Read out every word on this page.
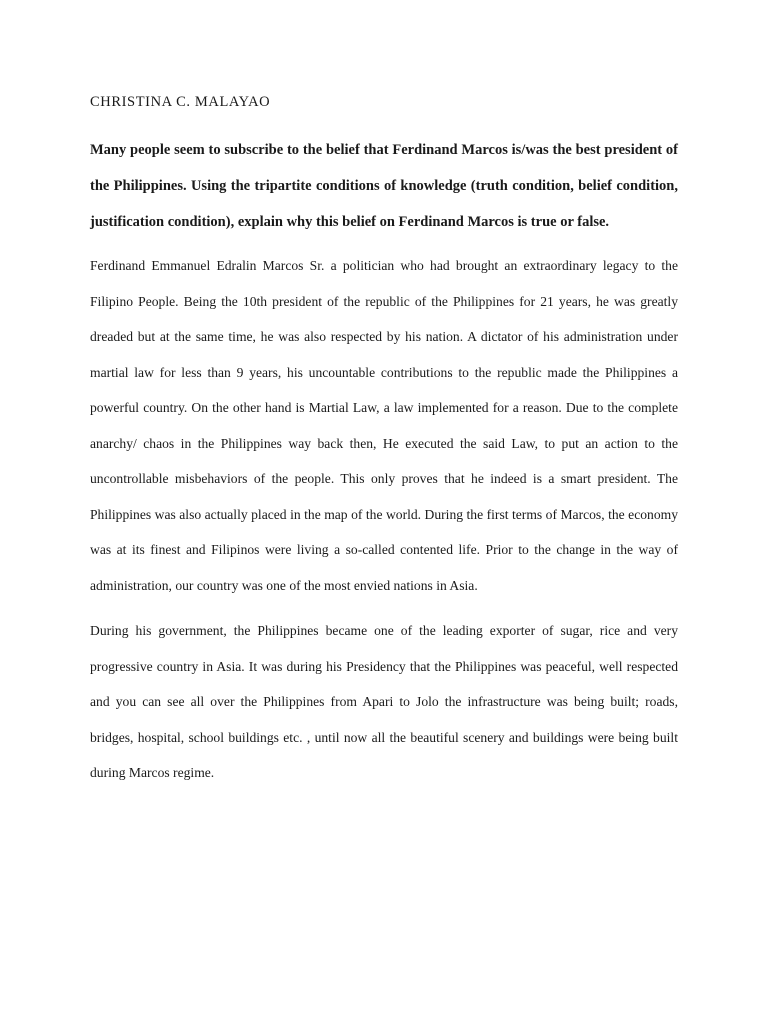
CHRISTINA C. MALAYAO

Many people seem to subscribe to the belief that Ferdinand Marcos is/was the best president of the Philippines. Using the tripartite conditions of knowledge (truth condition, belief condition, justification condition), explain why this belief on Ferdinand Marcos is true or false.

Ferdinand Emmanuel Edralin Marcos Sr. a politician who had brought an extraordinary legacy to the Filipino People. Being the 10th president of the republic of the Philippines for 21 years, he was greatly dreaded but at the same time, he was also respected by his nation. A dictator of his administration under martial law for less than 9 years, his uncountable contributions to the republic made the Philippines a powerful country. On the other hand is Martial Law, a law implemented for a reason. Due to the complete anarchy/ chaos in the Philippines way back then, He executed the said Law, to put an action to the uncontrollable misbehaviors of the people. This only proves that he indeed is a smart president. The Philippines was also actually placed in the map of the world. During the first terms of Marcos, the economy was at its finest and Filipinos were living a so-called contented life. Prior to the change in the way of administration, our country was one of the most envied nations in Asia.

During his government, the Philippines became one of the leading exporter of sugar, rice and very progressive country in Asia. It was during his Presidency that the Philippines was peaceful, well respected and you can see all over the Philippines from Apari to Jolo the infrastructure was being built; roads, bridges, hospital, school buildings etc. , until now all the beautiful scenery and buildings were being built during Marcos regime.
